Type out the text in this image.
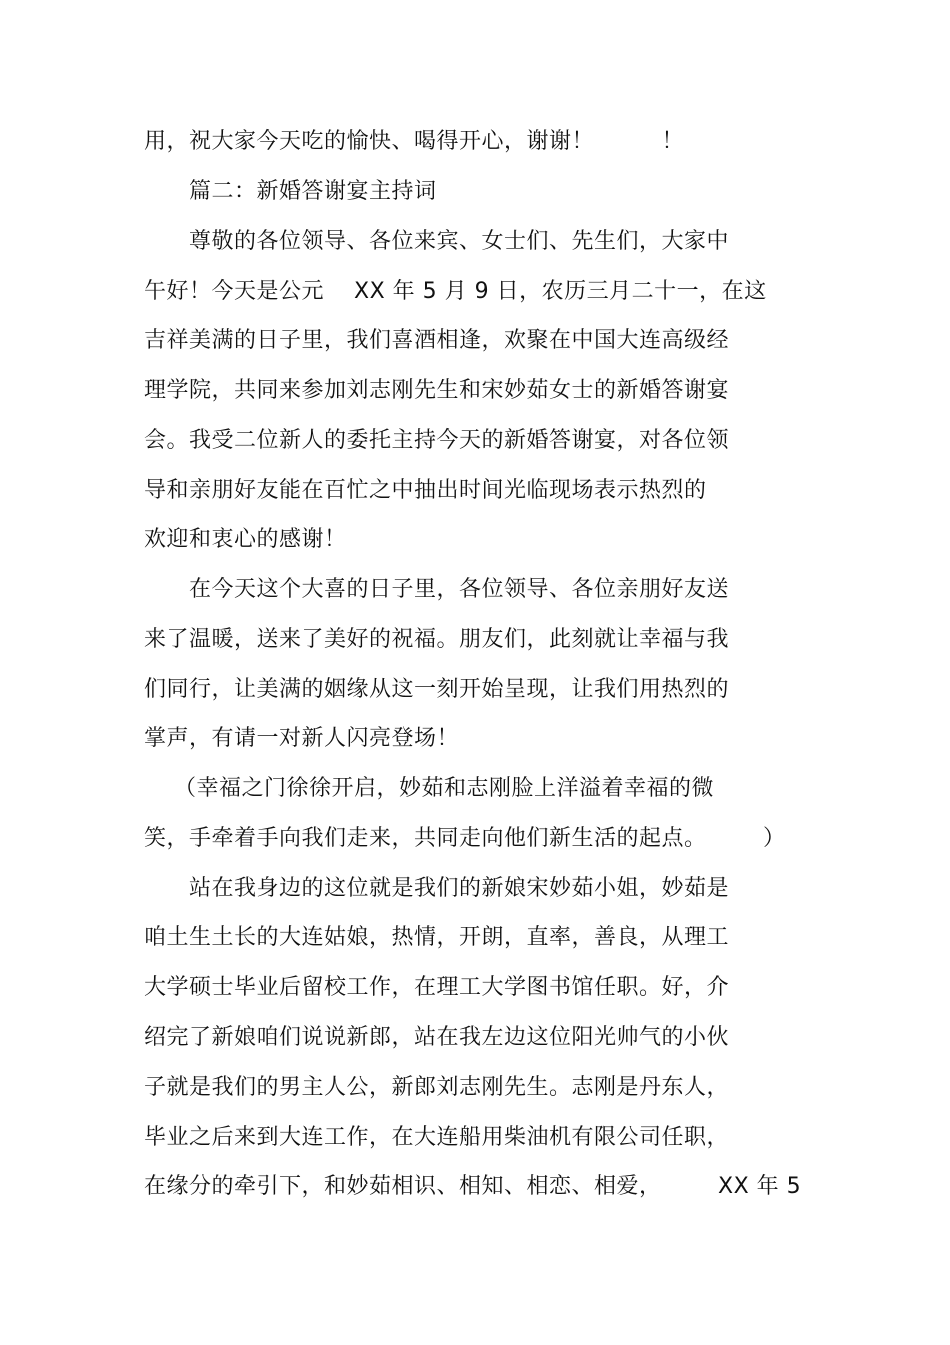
用，祝大家今天吃的愉快、喝得开心，谢谢！　　　！
　　篇二：新婚答谢宴主持词
　　尊敬的各位领导、各位来宾、女士们、先生们，大家中
午好！今天是公元　 XX 年 5 月 9 日，农历三月二十一，在这
吉祥美满的日子里，我们喜酒相逢，欢聚在中国大连高级经
理学院，共同来参加刘志刚先生和宋妙茹女士的新婚答谢宴
会。我受二位新人的委托主持今天的新婚答谢宴，对各位领
导和亲朋好友能在百忙之中抽出时间光临现场表示热烈的
欢迎和衷心的感谢！
　　在今天这个大喜的日子里，各位领导、各位亲朋好友送
来了温暖，送来了美好的祝福。朋友们，此刻就让幸福与我
们同行，让美满的姻缘从这一刻开始呈现，让我们用热烈的
掌声，有请一对新人闪亮登场！
　 （幸福之门徐徐开启，妙茹和志刚脸上洋溢着幸福的微
笑，手牵着手向我们走来，共同走向他们新生活的起点。　　　）
　　站在我身边的这位就是我们的新娘宋妙茹小姐，妙茹是
咱土生土长的大连姑娘，热情，开朗，直率，善良，从理工
大学硕士毕业后留校工作，在理工大学图书馆任职。好，介
绍完了新娘咱们说说新郎，站在我左边这位阳光帅气的小伙
子就是我们的男主人公，新郎刘志刚先生。志刚是丹东人，
毕业之后来到大连工作，在大连船用柴油机有限公司任职，
在缘分的牵引下，和妙茹相识、相知、相恋、相爱，　　　XX 年 5
